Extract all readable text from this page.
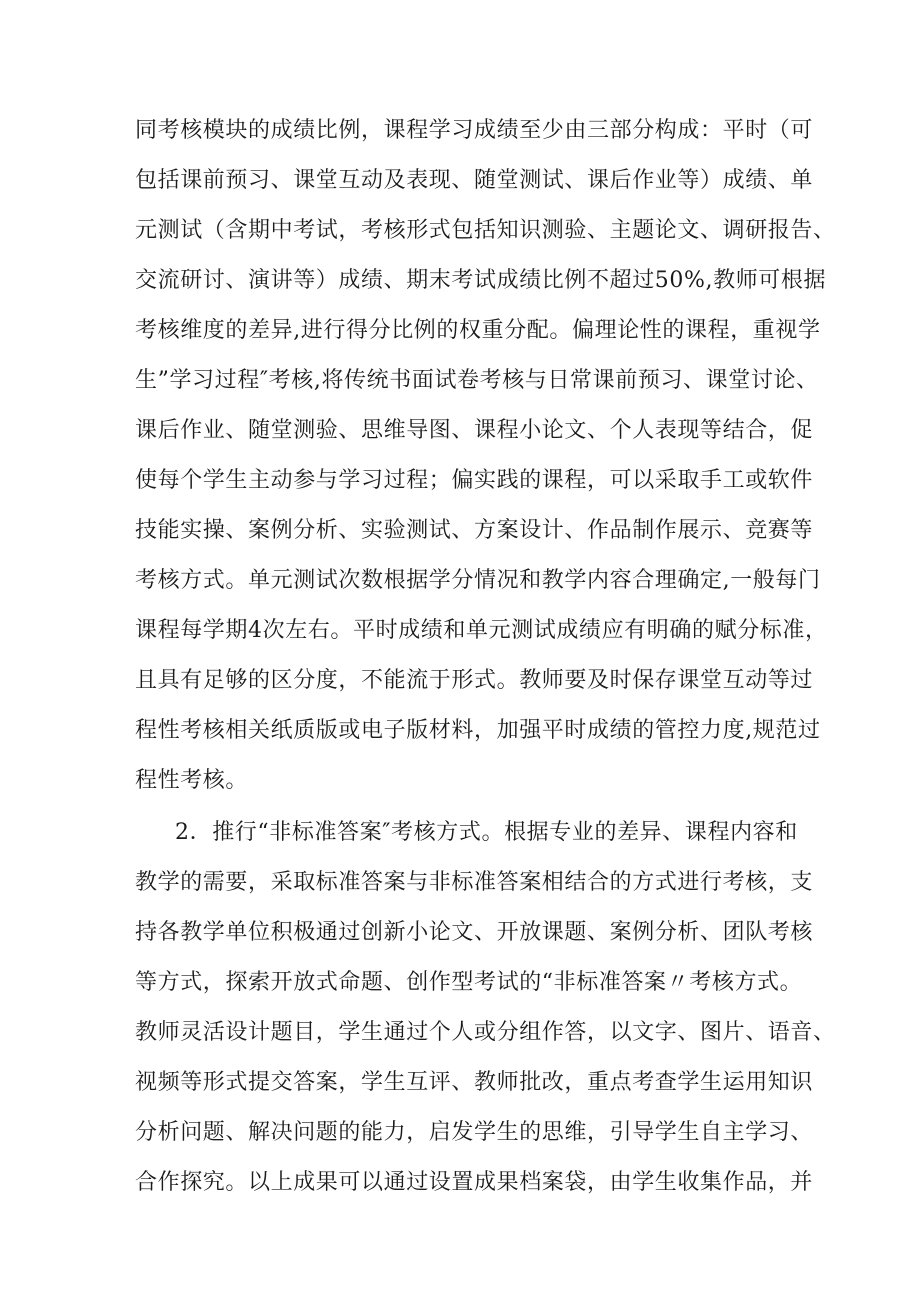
同考核模块的成绩比例，课程学习成绩至少由三部分构成：平时（可
包括课前预习、课堂互动及表现、随堂测试、课后作业等）成绩、单
元测试（含期中考试，考核形式包括知识测验、主题论文、调研报告、
交流研讨、演讲等）成绩、期末考试成绩比例不超过50%,教师可根据
考核维度的差异,进行得分比例的权重分配。偏理论性的课程，重视学
生”学习过程″考核,将传统书面试卷考核与日常课前预习、课堂讨论、
课后作业、随堂测验、思维导图、课程小论文、个人表现等结合，促
使每个学生主动参与学习过程；偏实践的课程，可以采取手工或软件
技能实操、案例分析、实验测试、方案设计、作品制作展示、竞赛等
考核方式。单元测试次数根据学分情况和教学内容合理确定,一般每门
课程每学期4次左右。平时成绩和单元测试成绩应有明确的赋分标准，
且具有足够的区分度，不能流于形式。教师要及时保存课堂互动等过
程性考核相关纸质版或电子版材料，加强平时成绩的管控力度,规范过
程性考核。
2．推行“非标准答案″考核方式。根据专业的差异、课程内容和
教学的需要，采取标准答案与非标准答案相结合的方式进行考核，支
持各教学单位积极通过创新小论文、开放课题、案例分析、团队考核
等方式，探索开放式命题、创作型考试的“非标准答案〃考核方式。
教师灵活设计题目，学生通过个人或分组作答，以文字、图片、语音、
视频等形式提交答案，学生互评、教师批改，重点考查学生运用知识
分析问题、解决问题的能力，启发学生的思维，引导学生自主学习、
合作探究。以上成果可以通过设置成果档案袋，由学生收集作品，并
